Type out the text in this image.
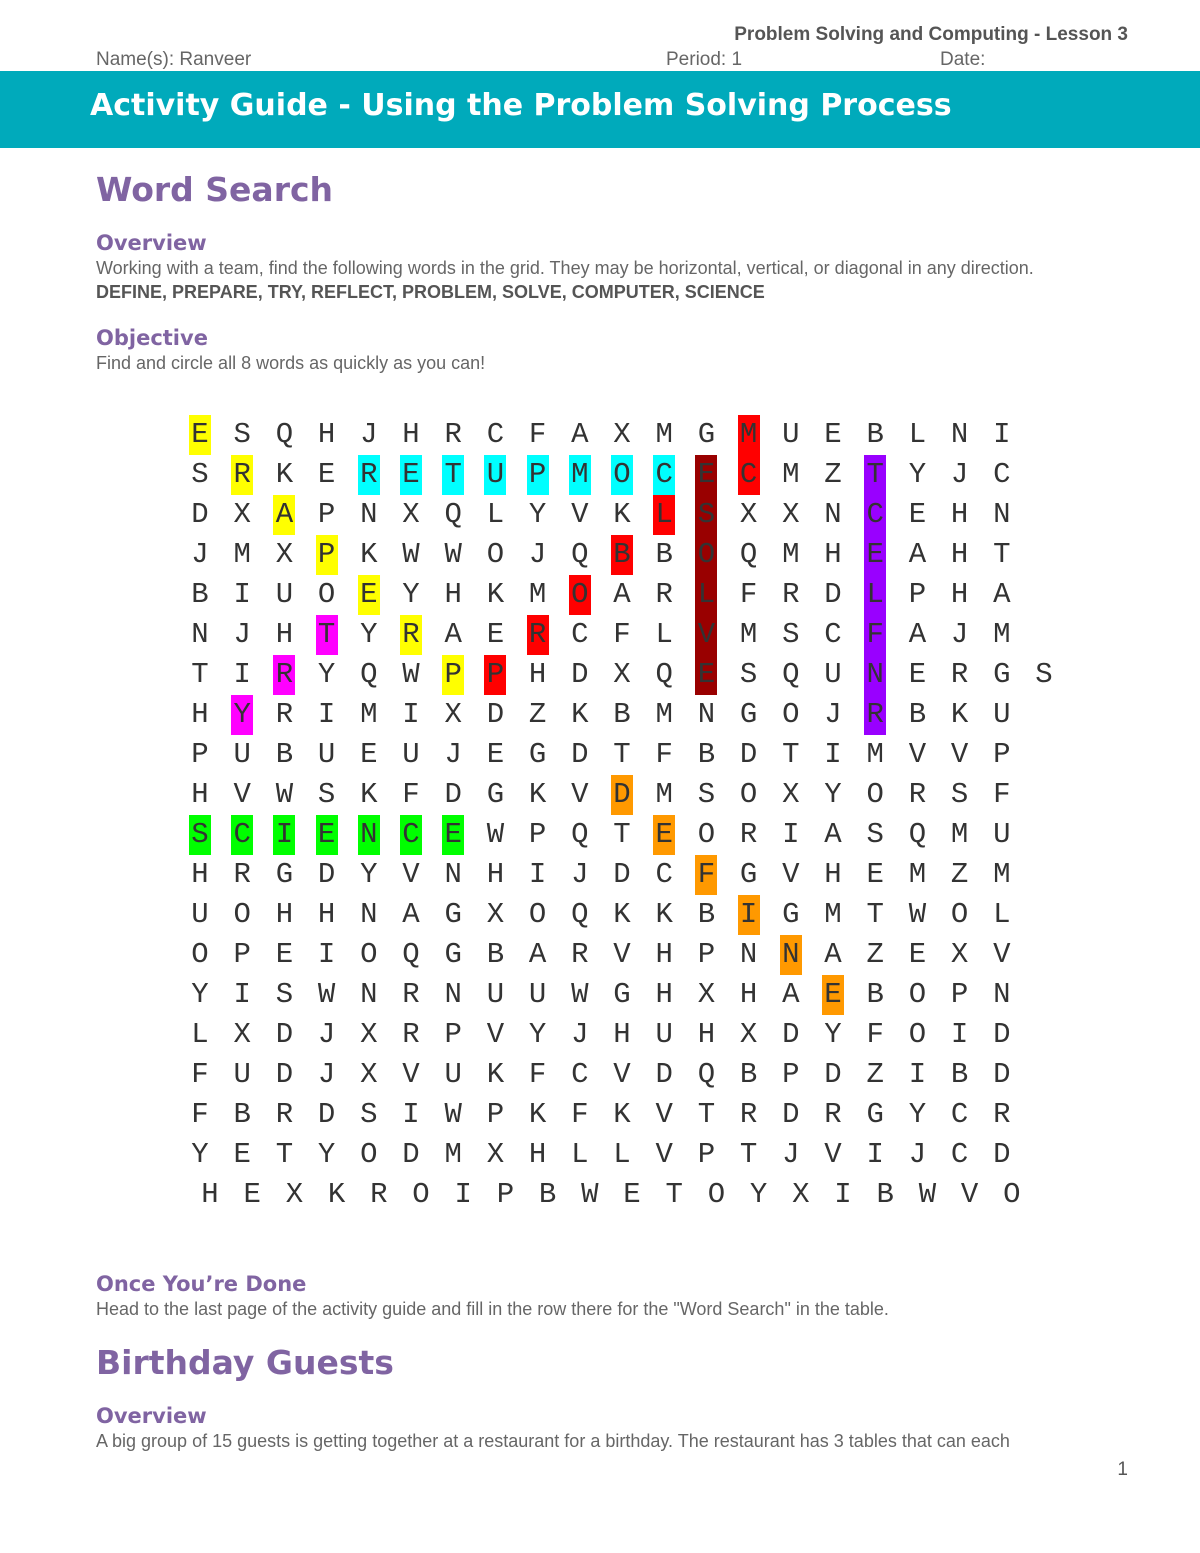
Problem Solving and Computing - Lesson 3
Name(s): Ranveer	Period: 1	Date:
Activity Guide - Using the Problem Solving Process
Word Search
Overview
Working with a team, find the following words in the grid. They may be horizontal, vertical, or diagonal in any direction.
DEFINE, PREPARE, TRY, REFLECT, PROBLEM, SOLVE, COMPUTER, SCIENCE
Objective
Find and circle all 8 words as quickly as you can!
E S Q H J H R C F A X M G M U E B L N I
S R K E R E T U P M O C E C M Z T Y J C
D X A P N X Q L Y V K L S X X N C E H N
J M X P K W W O J Q B B O Q M H E A H T
B I U O E Y H K M O A R L F R D L P H A
N J H T Y R A E R C F L V M S C F A J M
T I R Y Q W P P H D X Q E S Q U N E R G S
H Y R I M I X D Z K B M N G O J R B K U
P U B U E U J E G D T F B D T I M V V P
H V W S K F D G K V D M S O X Y O R S F
S C I E N C E W P Q T E O R I A S Q M U
H R G D Y V N H I J D C F G V H E M Z M
U O H H N A G X O Q K K B I G M T W O L
O P E I O Q G B A R V H P N N A Z E X V
Y I S W N R N U U W G H X H A E B O P N
L X D J X R P V Y J H U H X D Y F O I D
F U D J X V U K F C V D Q B P D Z I B D
F B R D S I W P K F K V T R D R G Y C R
Y E T Y O D M X H L L V P T J V I J C D
H E X K R O I P B W E T O Y X I B W V O
Once You’re Done
Head to the last page of the activity guide and fill in the row there for the "Word Search" in the table.
Birthday Guests
Overview
A big group of 15 guests is getting together at a restaurant for a birthday. The restaurant has 3 tables that can each
1
